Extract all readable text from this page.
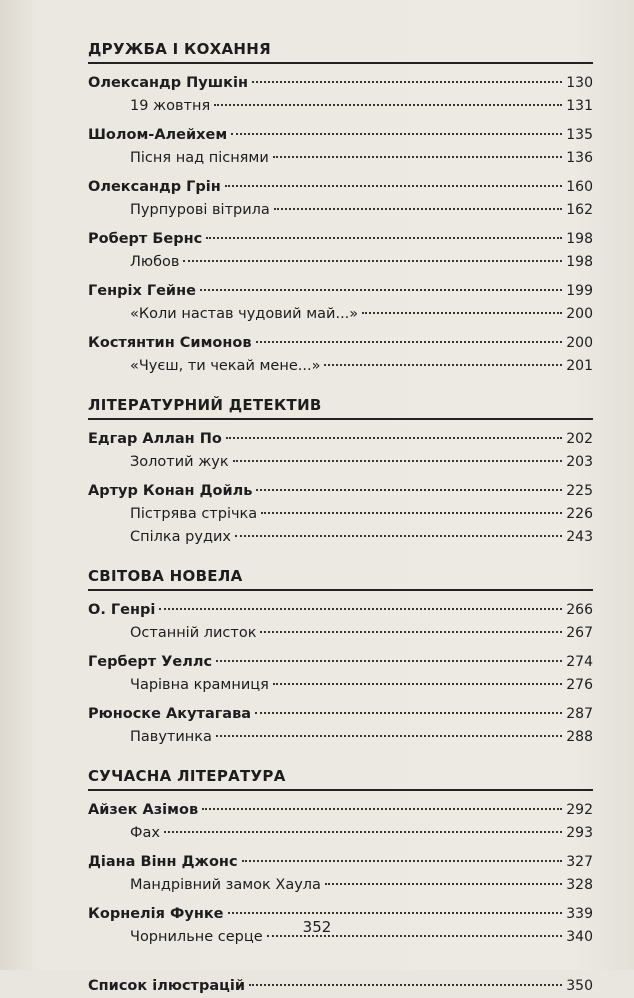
ДРУЖБА І КОХАННЯ
Олександр Пушкін	130
19 жовтня	131
Шолом-Алейхем	135
Пісня над піснями	136
Олександр Грін	160
Пурпурові вітрила	162
Роберт Бернс	198
Любов	198
Генріх Гейне	199
«Коли настав чудовий май...»	200
Костянтин Симонов	200
«Чуєш, ти чекай мене...»	201
ЛІТЕРАТУРНИЙ ДЕТЕКТИВ
Едгар Аллан По	202
Золотий жук	203
Артур Конан Дойль	225
Пістрява стрічка	226
Спілка рудих	243
СВІТОВА НОВЕЛА
О. Генрі	266
Останній листок	267
Герберт Уеллс	274
Чарівна крамниця	276
Рюноске Акутагава	287
Павутинка	288
СУЧАСНА ЛІТЕРАТУРА
Айзек Азімов	292
Фах	293
Діана Вінн Джонс	327
Мандрівний замок Хаула	328
Корнелія Функе	339
Чорнильне серце	340
Список ілюстрацій	350
352
